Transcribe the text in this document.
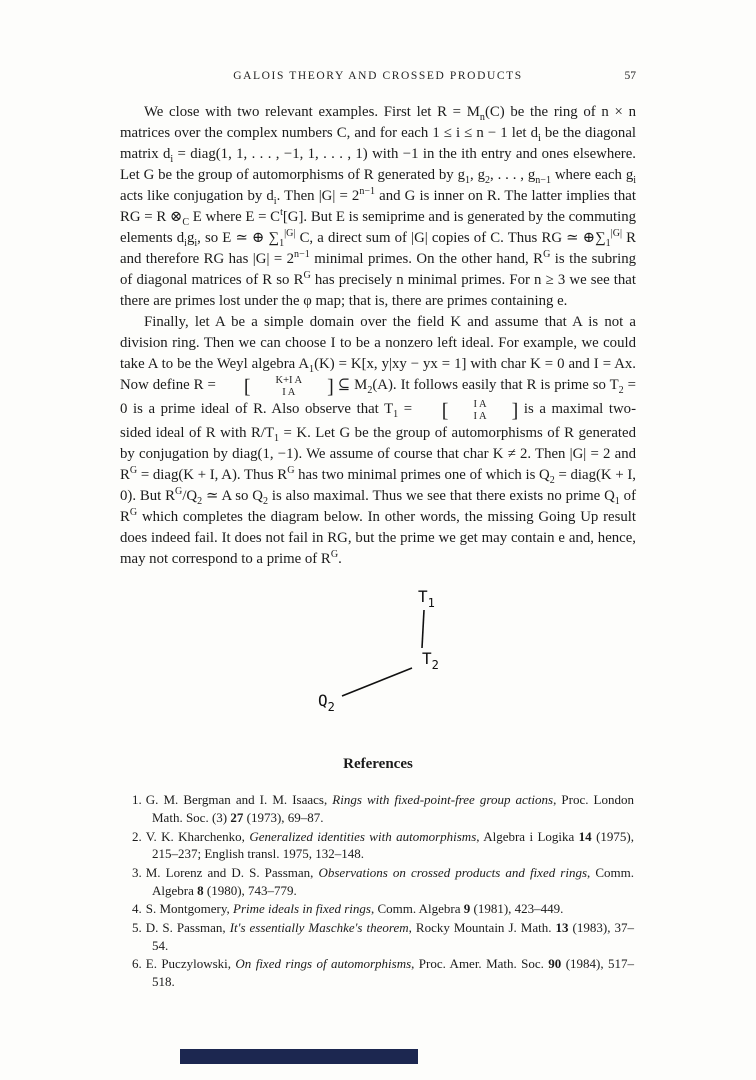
GALOIS THEORY AND CROSSED PRODUCTS	57

We close with two relevant examples. First let $R = M_n(C)$ be the ring of n × n matrices over the complex numbers C, and for each 1 ≤ i ≤ n − 1 let $d_i$ be the diagonal matrix $d_i$ = diag(1, 1, . . . , −1, 1, . . . , 1) with −1 in the ith entry and ones elsewhere. Let G be the group of automorphisms of R generated by $g_1$, $g_2$, . . . , $g_{n-1}$ where each $g_i$ acts like conjugation by $d_i$. Then $|G| = 2^{n-1}$ and G is inner on R. The latter implies that RG = R $\otimes_C$ E where $E = C^t[G]$. But E is semiprime and is generated by the commuting elements $d_ig_i$, so E ≃ ⊕ $\sum_1^{|G|}$ C, a direct sum of |G| copies of C. Thus RG ≃ $\oplus\sum_1^{|G|}$ R and therefore RG has $|G| = 2^{n-1}$ minimal primes. On the other hand, $R^G$ is the subring of diagonal matrices of R so $R^G$ has precisely n minimal primes. For n ≥ 3 we see that there are primes lost under the φ map; that is, there are primes containing e.

Finally, let A be a simple domain over the field K and assume that A is not a division ring. Then we can choose I to be a nonzero left ideal. For example, we could take A to be the Weyl algebra $A_1(K) = K[x$, y|xy − yx = 1] with char K = 0 and I = Ax. Now define R =	[	K+I A
I A	] ⊆ $M_2(A)$. It follows easily that R is prime so $T_2 = 0$ is a prime ideal of R. Also observe that $T_1$ =	[	I A
I A	] is a maximal two-sided ideal of R with $R/T_1 = K$. Let G be the group of automorphisms of R generated by conjugation by diag(1, −1). We assume of course that char K ≠ 2. Then |G| = 2 and $R^G$ = diag(K + I, A). Thus $R^G$ has two minimal primes one of which is $Q_2$ = diag(K + I, 0). But $R^G/Q_2$ ≃ A so $Q_2$ is also maximal. Thus we see that there exists no prime $Q_1$ of $R^G$ which completes the diagram below. In other words, the missing Going Up result does indeed fail. It does not fail in RG, but the prime we get may contain e and, hence, may not correspond to a prime of $R^G$.

$T_1$
$T_2$
$Q_2$
References

1. G. M. Bergman and I. M. Isaacs, Rings with fixed-point-free group actions, Proc. London Math. Soc. (3) 27 (1973), 69–87.

2. V. K. Kharchenko, Generalized identities with automorphisms, Algebra i Logika 14 (1975), 215–237; English transl. 1975, 132–148.

3. M. Lorenz and D. S. Passman, Observations on crossed products and fixed rings, Comm. Algebra 8 (1980), 743–779.

4. S. Montgomery, Prime ideals in fixed rings, Comm. Algebra 9 (1981), 423–449.

5. D. S. Passman, It's essentially Maschke's theorem, Rocky Mountain J. Math. 13 (1983), 37–54.

6. E. Puczylowski, On fixed rings of automorphisms, Proc. Amer. Math. Soc. 90 (1984), 517–518.
